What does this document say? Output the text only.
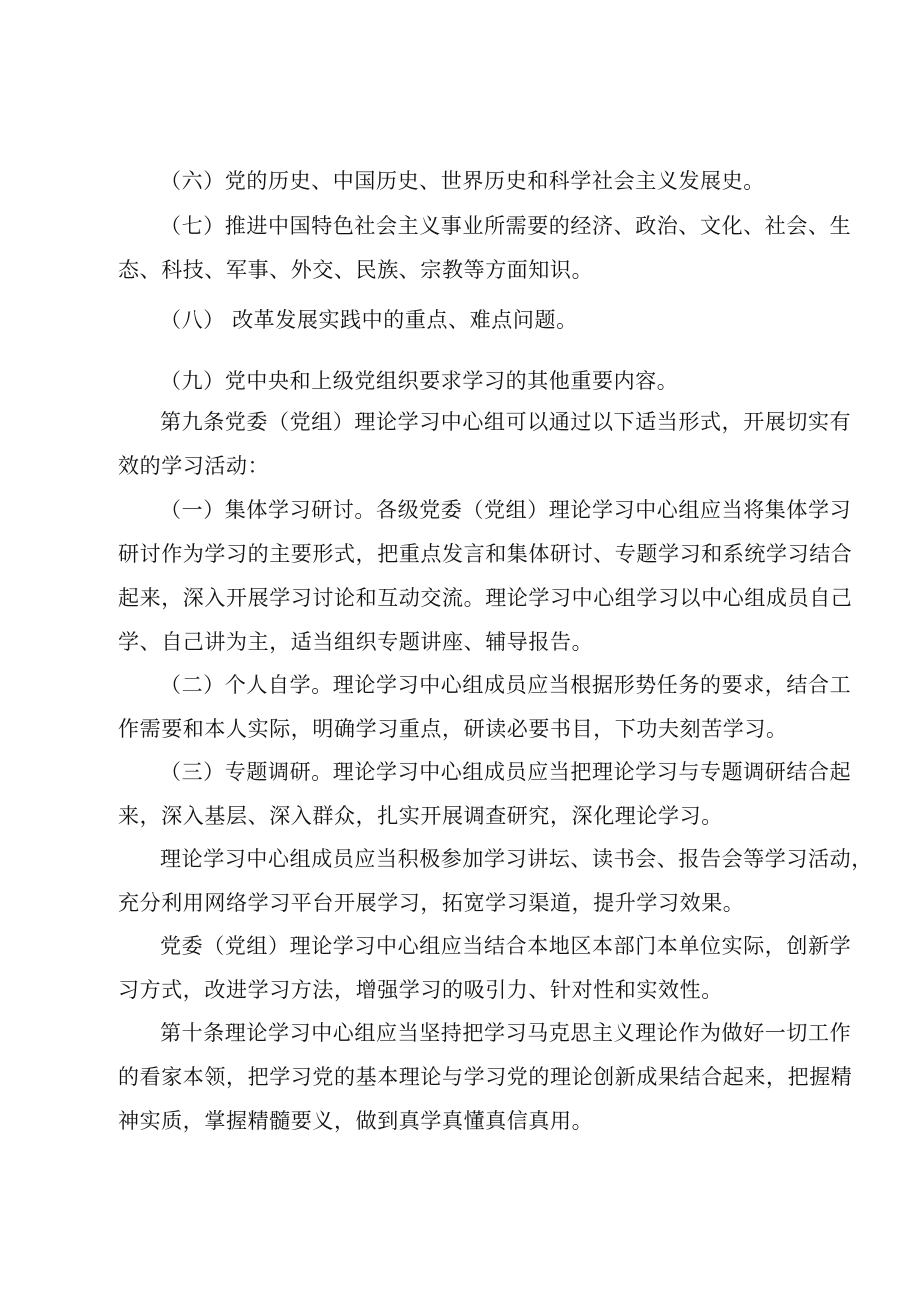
（六）党的历史、中国历史、世界历史和科学社会主义发展史。
（七）推进中国特色社会主义事业所需要的经济、政治、文化、社会、生
态、科技、军事、外交、民族、宗教等方面知识。
（八） 改革发展实践中的重点、难点问题。
（九）党中央和上级党组织要求学习的其他重要内容。
第九条党委（党组）理论学习中心组可以通过以下适当形式，开展切实有
效的学习活动：
（一）集体学习研讨。各级党委（党组）理论学习中心组应当将集体学习
研讨作为学习的主要形式，把重点发言和集体研讨、专题学习和系统学习结合
起来，深入开展学习讨论和互动交流。理论学习中心组学习以中心组成员自己
学、自己讲为主，适当组织专题讲座、辅导报告。
（二）个人自学。理论学习中心组成员应当根据形势任务的要求，结合工
作需要和本人实际，明确学习重点，研读必要书目，下功夫刻苦学习。
（三）专题调研。理论学习中心组成员应当把理论学习与专题调研结合起
来，深入基层、深入群众，扎实开展调查研究，深化理论学习。
理论学习中心组成员应当积极参加学习讲坛、读书会、报告会等学习活动，
充分利用网络学习平台开展学习，拓宽学习渠道，提升学习效果。
党委（党组）理论学习中心组应当结合本地区本部门本单位实际，创新学
习方式，改进学习方法，增强学习的吸引力、针对性和实效性。
第十条理论学习中心组应当坚持把学习马克思主义理论作为做好一切工作
的看家本领，把学习党的基本理论与学习党的理论创新成果结合起来，把握精
神实质，掌握精髓要义，做到真学真懂真信真用。
